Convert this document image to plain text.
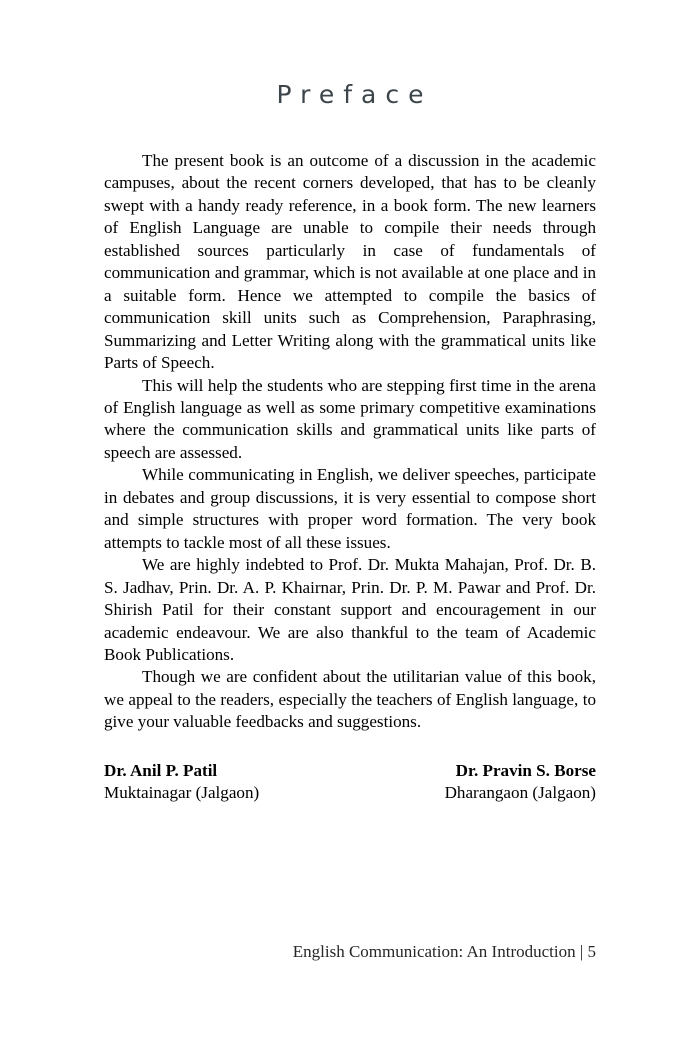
Preface

The present book is an outcome of a discussion in the academic campuses, about the recent corners developed, that has to be cleanly swept with a handy ready reference, in a book form. The new learners of English Language are unable to compile their needs through established sources particularly in case of fundamentals of communication and grammar, which is not available at one place and in a suitable form. Hence we attempted to compile the basics of communication skill units such as Comprehension, Paraphrasing, Summarizing and Letter Writing along with the grammatical units like Parts of Speech.

This will help the students who are stepping first time in the arena of English language as well as some primary competitive examinations where the communication skills and grammatical units like parts of speech are assessed.

While communicating in English, we deliver speeches, participate in debates and group discussions, it is very essential to compose short and simple structures with proper word formation. The very book attempts to tackle most of all these issues.

We are highly indebted to Prof. Dr. Mukta Mahajan, Prof. Dr. B. S. Jadhav, Prin. Dr. A. P. Khairnar, Prin. Dr. P. M. Pawar and Prof. Dr. Shirish Patil for their constant support and encouragement in our academic endeavour. We are also thankful to the team of Academic Book Publications.

Though we are confident about the utilitarian value of this book, we appeal to the readers, especially the teachers of English language, to give your valuable feedbacks and suggestions.

Dr. Anil P. Patil
Muktainagar (Jalgaon)
Dr. Pravin S. Borse
Dharangaon (Jalgaon)
English Communication: An Introduction | 5
